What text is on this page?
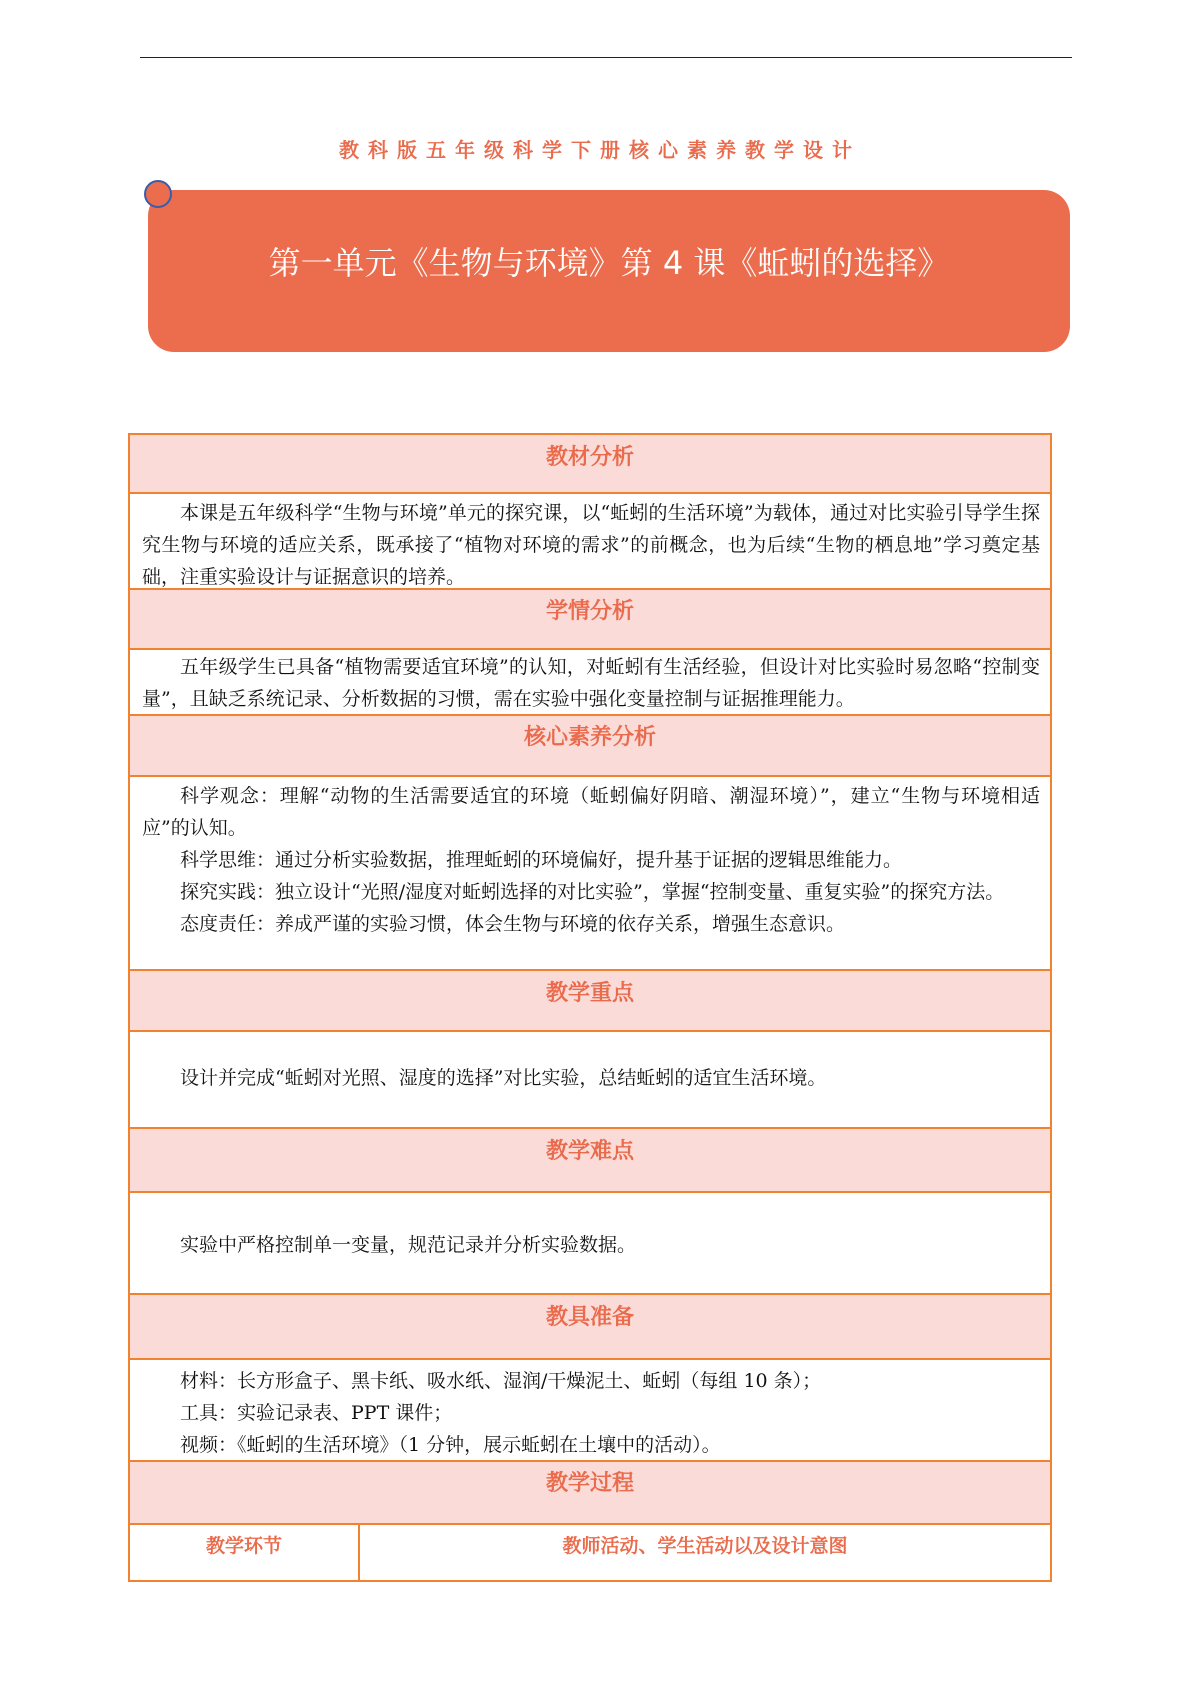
教科版五年级科学下册核心素养教学设计
第一单元《生物与环境》第 4 课《蚯蚓的选择》
教材分析

本课是五年级科学“生物与环境”单元的探究课，以“蚯蚓的生活环境”为载体，通过对比实验引导学生探究生物与环境的适应关系，既承接了“植物对环境的需求”的前概念，也为后续“生物的栖息地”学习奠定基础，注重实验设计与证据意识的培养。

学情分析

五年级学生已具备“植物需要适宜环境”的认知，对蚯蚓有生活经验，但设计对比实验时易忽略“控制变量”，且缺乏系统记录、分析数据的习惯，需在实验中强化变量控制与证据推理能力。

核心素养分析

科学观念：理解“动物的生活需要适宜的环境（蚯蚓偏好阴暗、潮湿环境）”，建立“生物与环境相适应”的认知。

科学思维：通过分析实验数据，推理蚯蚓的环境偏好，提升基于证据的逻辑思维能力。

探究实践：独立设计“光照/湿度对蚯蚓选择的对比实验”，掌握“控制变量、重复实验”的探究方法。

态度责任：养成严谨的实验习惯，体会生物与环境的依存关系，增强生态意识。

教学重点

设计并完成“蚯蚓对光照、湿度的选择”对比实验，总结蚯蚓的适宜生活环境。

教学难点

实验中严格控制单一变量，规范记录并分析实验数据。

教具准备

材料：长方形盒子、黑卡纸、吸水纸、湿润/干燥泥土、蚯蚓（每组 10 条）；

工具：实验记录表、PPT 课件；

视频：《蚯蚓的生活环境》（1 分钟，展示蚯蚓在土壤中的活动）。

教学过程
教学环节	教师活动、学生活动以及设计意图
